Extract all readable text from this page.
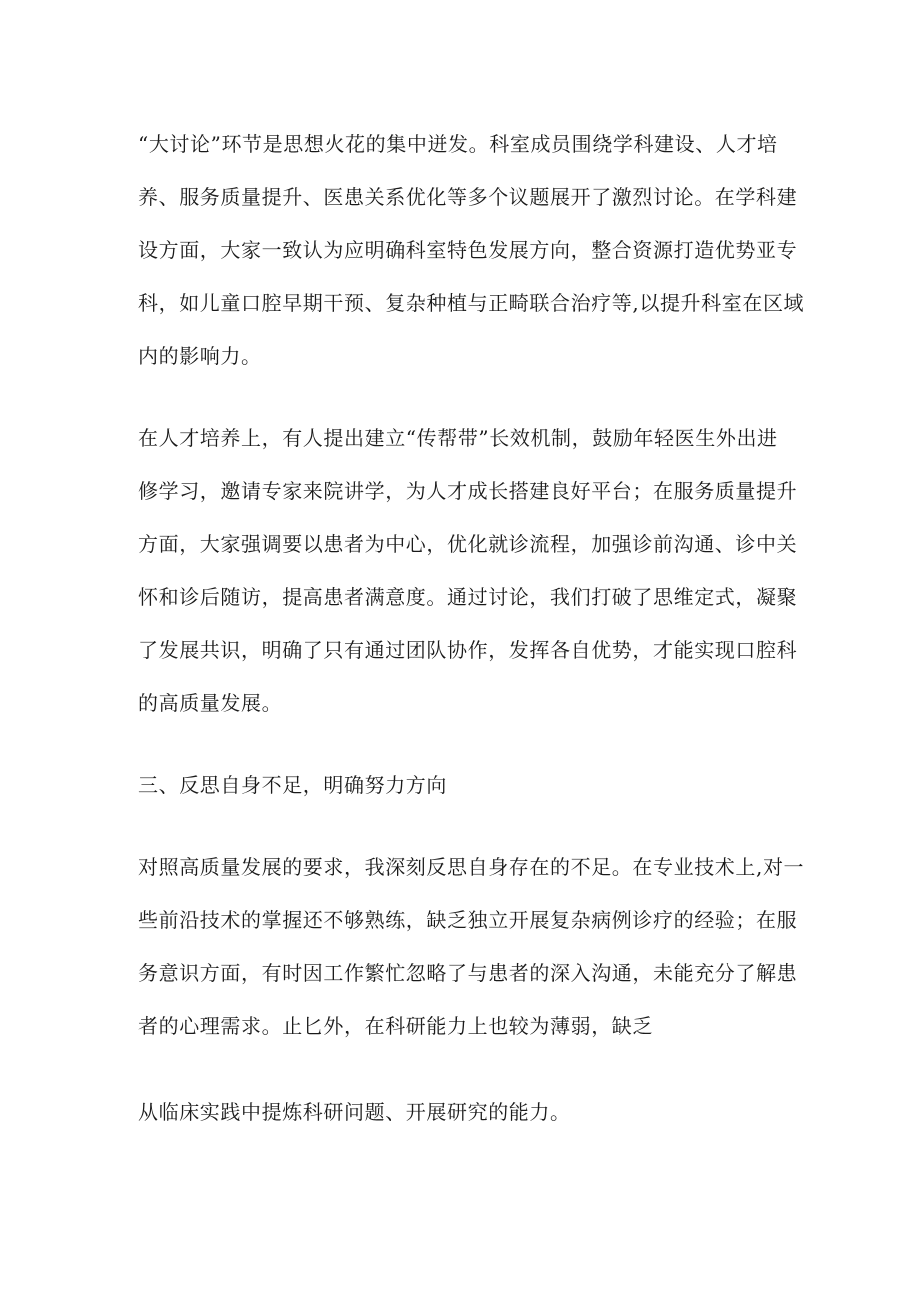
“大讨论”环节是思想火花的集中迸发。科室成员围绕学科建设、人才培
养、服务质量提升、医患关系优化等多个议题展开了激烈讨论。在学科建
设方面，大家一致认为应明确科室特色发展方向，整合资源打造优势亚专
科，如儿童口腔早期干预、复杂种植与正畸联合治疗等,以提升科室在区域
内的影响力。
在人才培养上，有人提出建立“传帮带”长效机制，鼓励年轻医生外出进
修学习，邀请专家来院讲学，为人才成长搭建良好平台；在服务质量提升
方面，大家强调要以患者为中心，优化就诊流程，加强诊前沟通、诊中关
怀和诊后随访，提高患者满意度。通过讨论，我们打破了思维定式，凝聚
了发展共识，明确了只有通过团队协作，发挥各自优势，才能实现口腔科
的高质量发展。
三、反思自身不足，明确努力方向
对照高质量发展的要求，我深刻反思自身存在的不足。在专业技术上,对一
些前沿技术的掌握还不够熟练，缺乏独立开展复杂病例诊疗的经验；在服
务意识方面，有时因工作繁忙忽略了与患者的深入沟通，未能充分了解患
者的心理需求。止匕外，在科研能力上也较为薄弱，缺乏
从临床实践中提炼科研问题、开展研究的能力。
